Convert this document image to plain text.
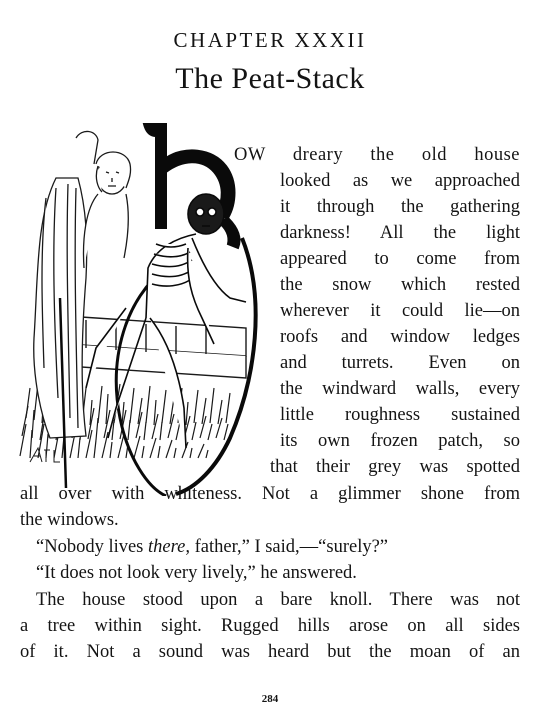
CHAPTER XXXII
The Peat-Stack
OW dreary the old house
looked as we approached
it through the gathering
darkness! All the light
appeared to come from
the snow which rested
wherever it could lie—on
roofs and window ledges
and turrets. Even on
the windward walls, every
little roughness sustained
its own frozen patch, so
that their grey was spotted
all over with whiteness. Not a glimmer shone from
the windows.
“Nobody lives there, father,” I said,—“surely?”
“It does not look very lively,” he answered.
The house stood upon a bare knoll. There was not
a tree within sight. Rugged hills arose on all sides
of it. Not a sound was heard but the moan of an
284
